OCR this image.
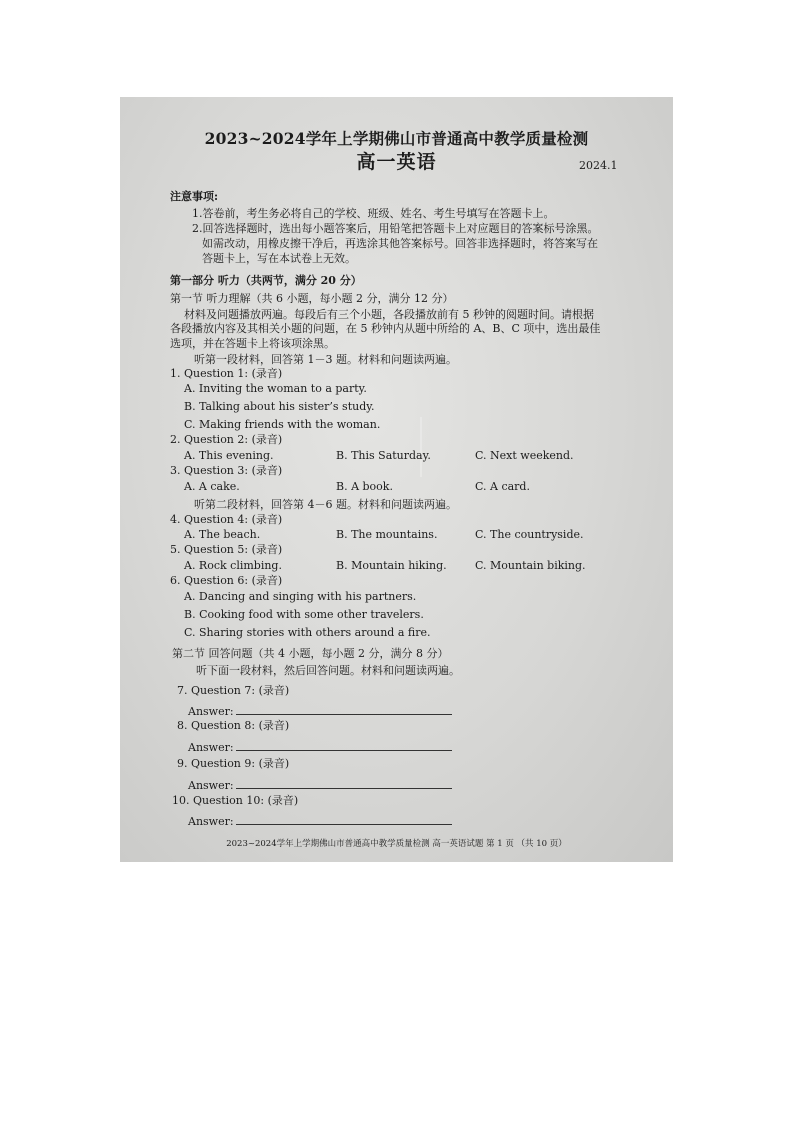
2023~2024学年上学期佛山市普通高中教学质量检测
高一英语	2024.1
注意事项:
1.答卷前，考生务必将自己的学校、班级、姓名、考生号填写在答题卡上。
2.回答选择题时，选出每小题答案后，用铅笔把答题卡上对应题目的答案标号涂黑。
如需改动，用橡皮擦干净后，再选涂其他答案标号。回答非选择题时，将答案写在
答题卡上，写在本试卷上无效。
第一部分 听力（共两节，满分 20 分）
第一节 听力理解（共 6 小题，每小题 2 分，满分 12 分）
材料及问题播放两遍。每段后有三个小题，各段播放前有 5 秒钟的阅题时间。请根据
各段播放内容及其相关小题的问题，在 5 秒钟内从题中所给的 A、B、C 项中，选出最佳
选项，并在答题卡上将该项涂黑。
听第一段材料，回答第 1－3 题。材料和问题读两遍。
1. Question 1: (录音)
A. Inviting the woman to a party.
B. Talking about his sister’s study.
C. Making friends with the woman.
2. Question 2: (录音)
A. This evening.	B. This Saturday.	C. Next weekend.
3. Question 3: (录音)
A. A cake.	B. A book.	C. A card.
听第二段材料，回答第 4－6 题。材料和问题读两遍。
4. Question 4: (录音)
A. The beach.	B. The mountains.	C. The countryside.
5. Question 5: (录音)
A. Rock climbing.	B. Mountain hiking.	C. Mountain biking.
6. Question 6: (录音)
A. Dancing and singing with his partners.
B. Cooking food with some other travelers.
C. Sharing stories with others around a fire.
第二节 回答问题（共 4 小题，每小题 2 分，满分 8 分）
听下面一段材料，然后回答问题。材料和问题读两遍。
7. Question 7: (录音)
Answer:
8. Question 8: (录音)
Answer:
9. Question 9: (录音)
Answer:
10. Question 10: (录音)
Answer:
2023~2024学年上学期佛山市普通高中教学质量检测 高一英语试题 第 1 页 （共 10 页）
